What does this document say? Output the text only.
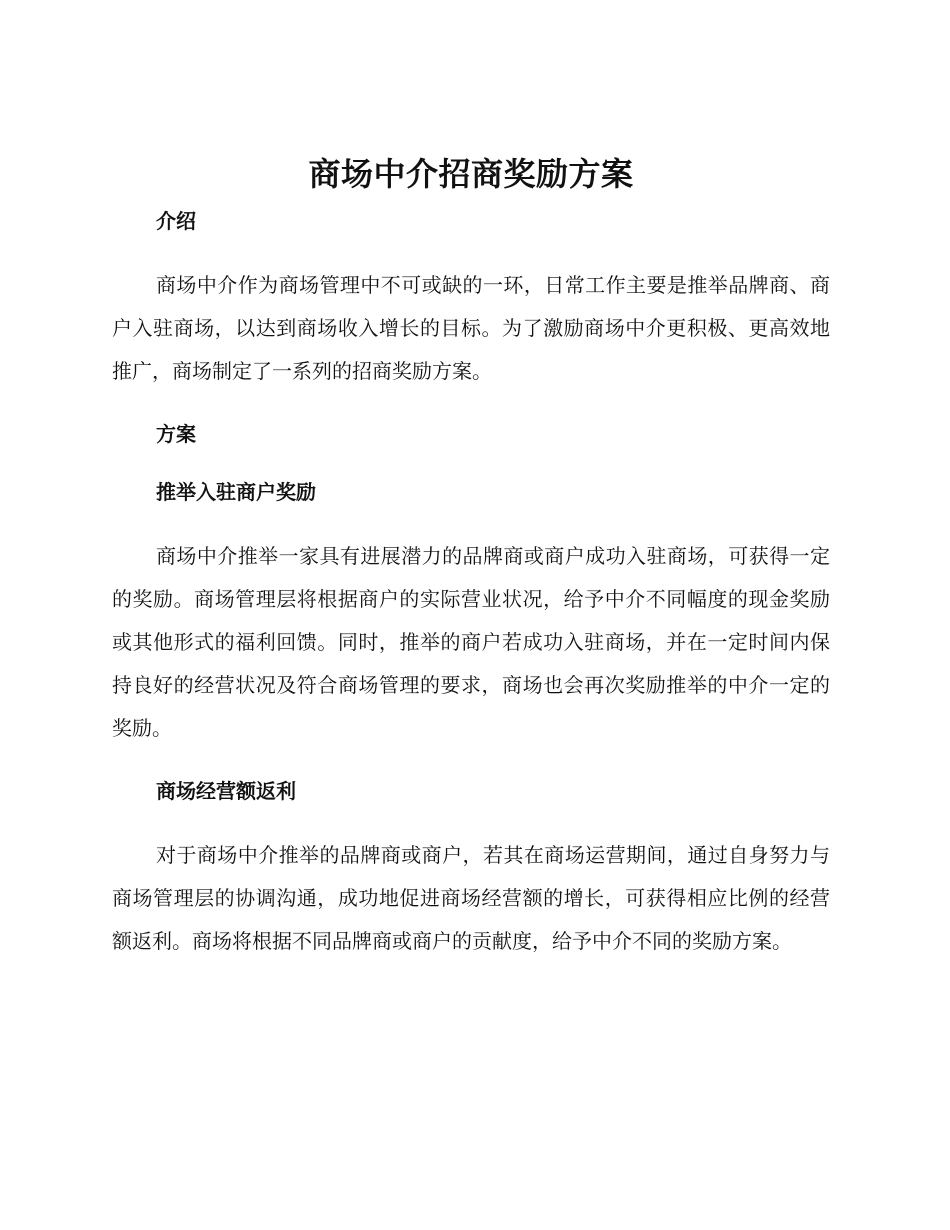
商场中介招商奖励方案
介绍

商场中介作为商场管理中不可或缺的一环，日常工作主要是推举品牌商、商户入驻商场，以达到商场收入增长的目标。为了激励商场中介更积极、更高效地推广，商场制定了一系列的招商奖励方案。

方案
推举入驻商户奖励

商场中介推举一家具有进展潜力的品牌商或商户成功入驻商场，可获得一定的奖励。商场管理层将根据商户的实际营业状况，给予中介不同幅度的现金奖励或其他形式的福利回馈。同时，推举的商户若成功入驻商场，并在一定时间内保持良好的经营状况及符合商场管理的要求，商场也会再次奖励推举的中介一定的奖励。

商场经营额返利

对于商场中介推举的品牌商或商户，若其在商场运营期间，通过自身努力与商场管理层的协调沟通，成功地促进商场经营额的增长，可获得相应比例的经营额返利。商场将根据不同品牌商或商户的贡献度，给予中介不同的奖励方案。
